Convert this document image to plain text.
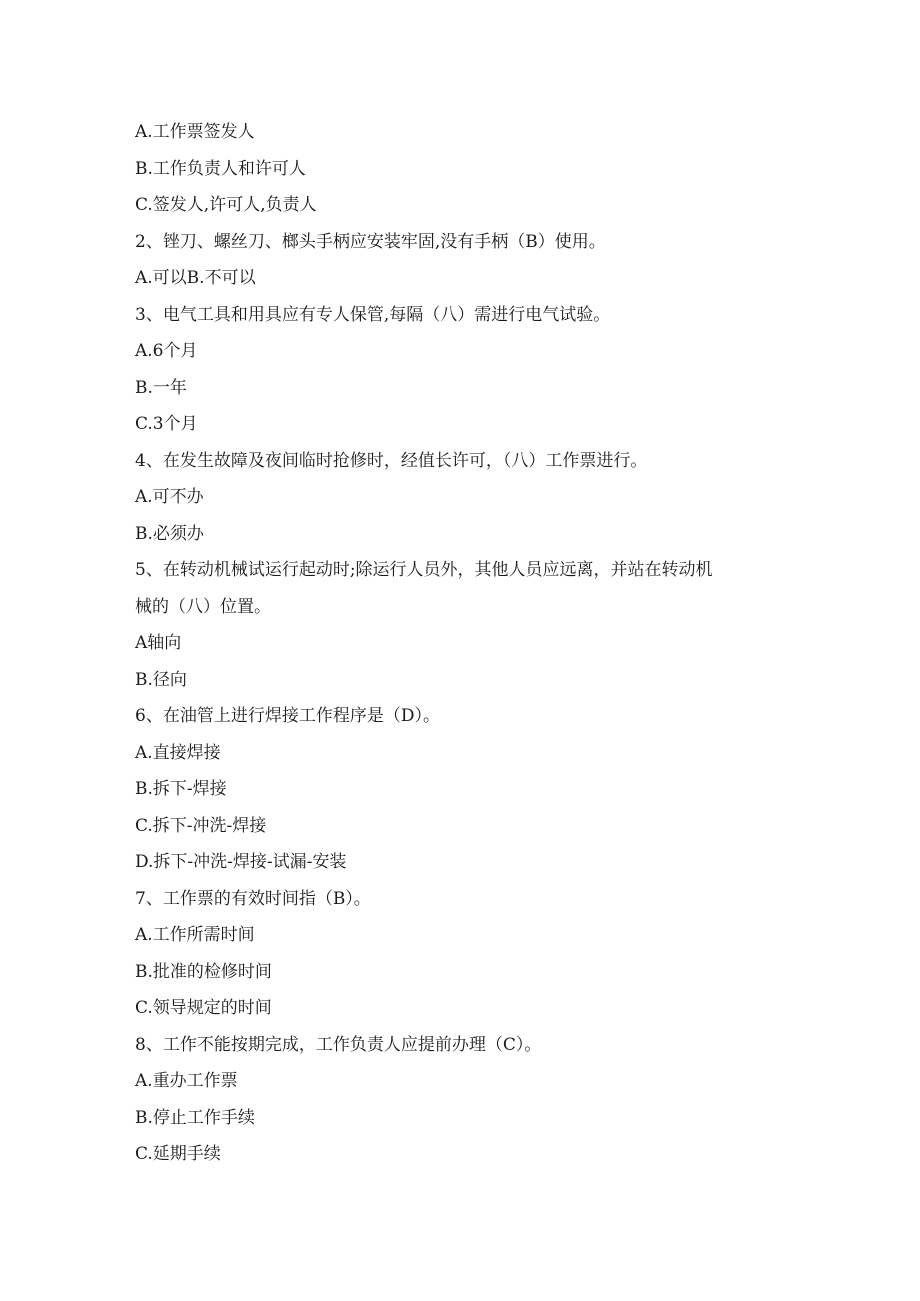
A.工作票签发人

B.工作负责人和许可人

C.签发人,许可人,负责人

2、锉刀、螺丝刀、榔头手柄应安装牢固,没有手柄（B）使用。

A.可以B.不可以

3、电气工具和用具应有专人保管,每隔（八）需进行电气试验。

A.6个月

B.一年

C.3个月

4、在发生故障及夜间临时抢修时，经值长许可，（八）工作票进行。

A.可不办

B.必须办

5、在转动机械试运行起动时;除运行人员外，其他人员应远离，并站在转动机

械的（八）位置。

A轴向

B.径向

6、在油管上进行焊接工作程序是（D）。

A.直接焊接

B.拆下-焊接

C.拆下-冲洗-焊接

D.拆下-冲洗-焊接-试漏-安装

7、工作票的有效时间指（B）。

A.工作所需时间

B.批准的检修时间

C.领导规定的时间

8、工作不能按期完成，工作负责人应提前办理（C）。

A.重办工作票

B.停止工作手续

C.延期手续
